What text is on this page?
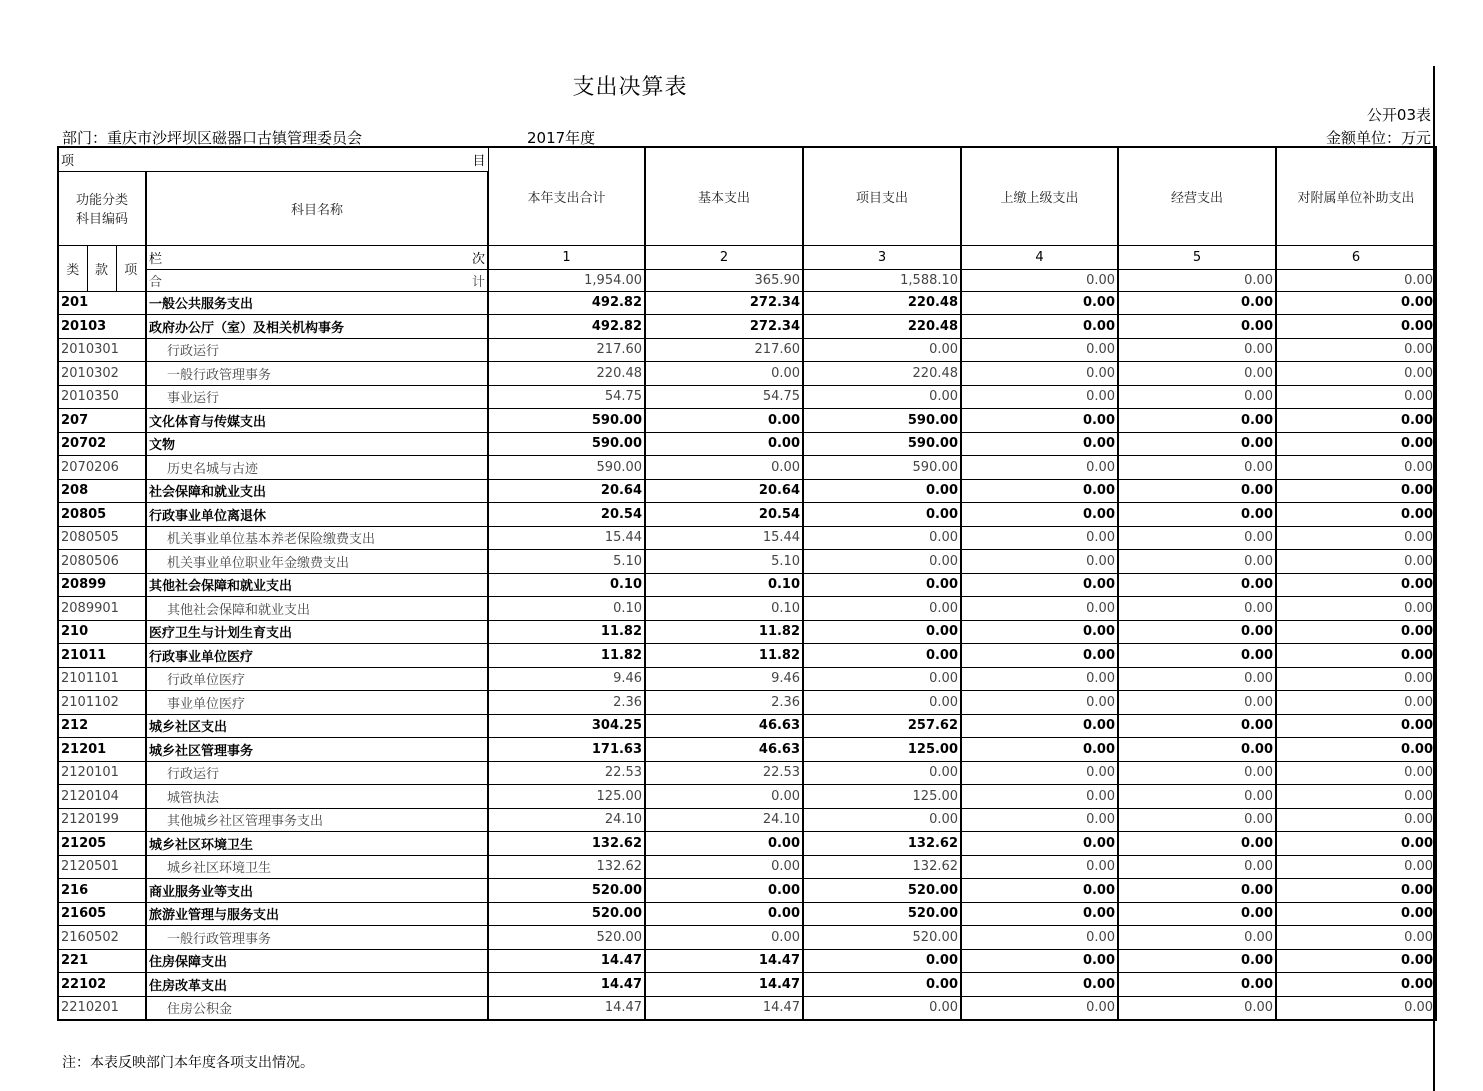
支出决算表
公开03表
部门：重庆市沙坪坝区磁器口古镇管理委员会	2017年度	金额单位：万元
项 目				本年支出合计	基本支出	项目支出	上缴上级支出	经营支出	对附属单位补助支出
功能分类
科目编码			科目名称						
类	款	项	栏 次	1	2	3	4	5	6

			合 计	1,954.00	365.90	1,588.10	0.00	0.00	0.00
201			一般公共服务支出	492.82	272.34	220.48	0.00	0.00	0.00
20103			政府办公厅（室）及相关机构事务	492.82	272.34	220.48	0.00	0.00	0.00
2010301			行政运行	217.60	217.60	0.00	0.00	0.00	0.00
2010302			一般行政管理事务	220.48	0.00	220.48	0.00	0.00	0.00
2010350			事业运行	54.75	54.75	0.00	0.00	0.00	0.00
207			文化体育与传媒支出	590.00	0.00	590.00	0.00	0.00	0.00
20702			文物	590.00	0.00	590.00	0.00	0.00	0.00
2070206			历史名城与古迹	590.00	0.00	590.00	0.00	0.00	0.00
208			社会保障和就业支出	20.64	20.64	0.00	0.00	0.00	0.00
20805			行政事业单位离退休	20.54	20.54	0.00	0.00	0.00	0.00
2080505			机关事业单位基本养老保险缴费支出	15.44	15.44	0.00	0.00	0.00	0.00
2080506			机关事业单位职业年金缴费支出	5.10	5.10	0.00	0.00	0.00	0.00
20899			其他社会保障和就业支出	0.10	0.10	0.00	0.00	0.00	0.00
2089901			其他社会保障和就业支出	0.10	0.10	0.00	0.00	0.00	0.00
210			医疗卫生与计划生育支出	11.82	11.82	0.00	0.00	0.00	0.00
21011			行政事业单位医疗	11.82	11.82	0.00	0.00	0.00	0.00
2101101			行政单位医疗	9.46	9.46	0.00	0.00	0.00	0.00
2101102			事业单位医疗	2.36	2.36	0.00	0.00	0.00	0.00
212			城乡社区支出	304.25	46.63	257.62	0.00	0.00	0.00
21201			城乡社区管理事务	171.63	46.63	125.00	0.00	0.00	0.00
2120101			行政运行	22.53	22.53	0.00	0.00	0.00	0.00
2120104			城管执法	125.00	0.00	125.00	0.00	0.00	0.00
2120199			其他城乡社区管理事务支出	24.10	24.10	0.00	0.00	0.00	0.00
21205			城乡社区环境卫生	132.62	0.00	132.62	0.00	0.00	0.00
2120501			城乡社区环境卫生	132.62	0.00	132.62	0.00	0.00	0.00
216			商业服务业等支出	520.00	0.00	520.00	0.00	0.00	0.00
21605			旅游业管理与服务支出	520.00	0.00	520.00	0.00	0.00	0.00
2160502			一般行政管理事务	520.00	0.00	520.00	0.00	0.00	0.00
221			住房保障支出	14.47	14.47	0.00	0.00	0.00	0.00
22102			住房改革支出	14.47	14.47	0.00	0.00	0.00	0.00
2210201			住房公积金	14.47	14.47	0.00	0.00	0.00	0.00
注：本表反映部门本年度各项支出情况。
